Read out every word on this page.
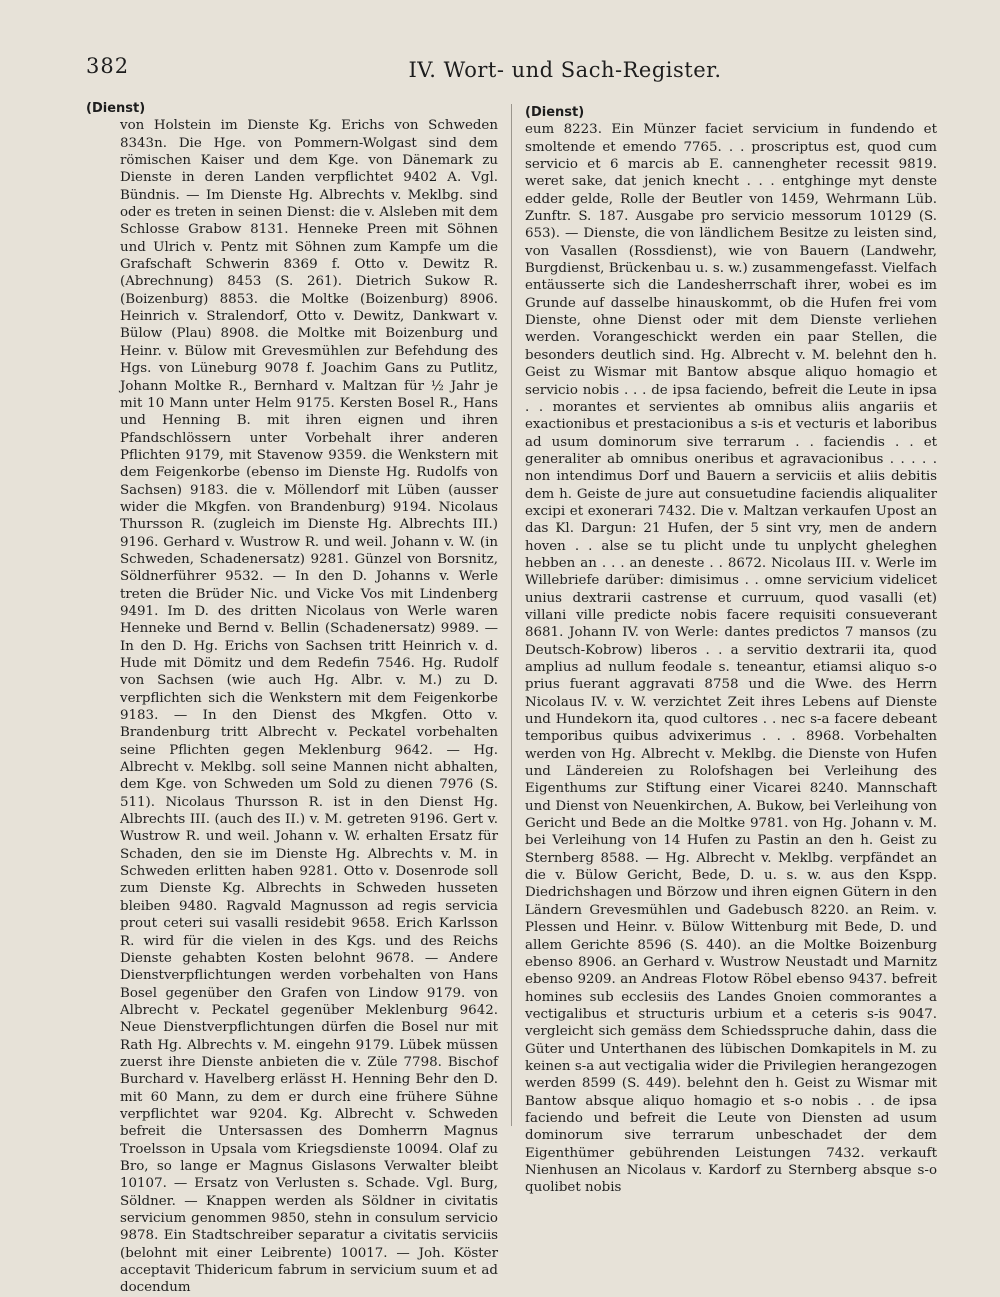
382	IV. Wort- und Sach-Register.
(Dienst)
von Holstein im Dienste Kg. Erichs von Schweden 8343n. Die Hge. von Pommern-Wolgast sind dem römischen Kaiser und dem Kge. von Dänemark zu Dienste in deren Landen verpflichtet 9402 A. Vgl. Bündnis. — Im Dienste Hg. Albrechts v. Meklbg. sind oder es treten in seinen Dienst: die v. Alsleben mit dem Schlosse Grabow 8131. Henneke Preen mit Söhnen und Ulrich v. Pentz mit Söhnen zum Kampfe um die Grafschaft Schwerin 8369 f. Otto v. Dewitz R. (Abrechnung) 8453 (S. 261). Dietrich Sukow R. (Boizenburg) 8853. die Moltke (Boizenburg) 8906. Heinrich v. Stralendorf, Otto v. Dewitz, Dankwart v. Bülow (Plau) 8908. die Moltke mit Boizenburg und Heinr. v. Bülow mit Grevesmühlen zur Befehdung des Hgs. von Lüneburg 9078 f. Joachim Gans zu Putlitz, Johann Moltke R., Bernhard v. Maltzan für ½ Jahr je mit 10 Mann unter Helm 9175. Kersten Bosel R., Hans und Henning B. mit ihren eignen und ihren Pfandschlössern unter Vorbehalt ihrer anderen Pflichten 9179, mit Stavenow 9359. die Wenkstern mit dem Feigenkorbe (ebenso im Dienste Hg. Rudolfs von Sachsen) 9183. die v. Möllendorf mit Lüben (ausser wider die Mkgfen. von Brandenburg) 9194. Nicolaus Thursson R. (zugleich im Dienste Hg. Albrechts III.) 9196. Gerhard v. Wustrow R. und weil. Johann v. W. (in Schweden, Schadenersatz) 9281. Günzel von Borsnitz, Söldnerführer 9532. — In den D. Johanns v. Werle treten die Brüder Nic. und Vicke Vos mit Lindenberg 9491. Im D. des dritten Nicolaus von Werle waren Henneke und Bernd v. Bellin (Schadenersatz) 9989. — In den D. Hg. Erichs von Sachsen tritt Heinrich v. d. Hude mit Dömitz und dem Redefin 7546. Hg. Rudolf von Sachsen (wie auch Hg. Albr. v. M.) zu D. verpflichten sich die Wenkstern mit dem Feigenkorbe 9183. — In den Dienst des Mkgfen. Otto v. Brandenburg tritt Albrecht v. Peckatel vorbehalten seine Pflichten gegen Meklenburg 9642. — Hg. Albrecht v. Meklbg. soll seine Mannen nicht abhalten, dem Kge. von Schweden um Sold zu dienen 7976 (S. 511). Nicolaus Thursson R. ist in den Dienst Hg. Albrechts III. (auch des II.) v. M. getreten 9196. Gert v. Wustrow R. und weil. Johann v. W. erhalten Ersatz für Schaden, den sie im Dienste Hg. Albrechts v. M. in Schweden erlitten haben 9281. Otto v. Dosenrode soll zum Dienste Kg. Albrechts in Schweden husseten bleiben 9480. Ragvald Magnusson ad regis servicia prout ceteri sui vasalli residebit 9658. Erich Karlsson R. wird für die vielen in des Kgs. und des Reichs Dienste gehabten Kosten belohnt 9678. — Andere Dienstverpflichtungen werden vorbehalten von Hans Bosel gegenüber den Grafen von Lindow 9179. von Albrecht v. Peckatel gegenüber Meklenburg 9642. Neue Dienstverpflichtungen dürfen die Bosel nur mit Rath Hg. Albrechts v. M. eingehn 9179. Lübek müssen zuerst ihre Dienste anbieten die v. Züle 7798. Bischof Burchard v. Havelberg erlässt H. Henning Behr den D. mit 60 Mann, zu dem er durch eine frühere Sühne verpflichtet war 9204. Kg. Albrecht v. Schweden befreit die Untersassen des Domherrn Magnus Troelsson in Upsala vom Kriegsdienste 10094. Olaf zu Bro, so lange er Magnus Gislasons Verwalter bleibt 10107. — Ersatz von Verlusten s. Schade. Vgl. Burg, Söldner. — Knappen werden als Söldner in civitatis servicium genommen 9850, stehn in consulum servicio 9878. Ein Stadtschreiber separatur a civitatis serviciis (belohnt mit einer Leibrente) 10017. — Joh. Köster acceptavit Thidericum fabrum in servicium suum et ad docendum
(Dienst)
eum 8223. Ein Münzer faciet servicium in fundendo et smoltende et emendo 7765. . . proscriptus est, quod cum servicio et 6 marcis ab E. cannengheter recessit 9819. weret sake, dat jenich knecht . . . entghinge myt denste edder gelde, Rolle der Beutler von 1459, Wehrmann Lüb. Zunftr. S. 187. Ausgabe pro servicio messorum 10129 (S. 653). — Dienste, die von ländlichem Besitze zu leisten sind, von Vasallen (Rossdienst), wie von Bauern (Landwehr, Burgdienst, Brückenbau u. s. w.) zusammengefasst. Vielfach entäusserte sich die Landesherrschaft ihrer, wobei es im Grunde auf dasselbe hinauskommt, ob die Hufen frei vom Dienste, ohne Dienst oder mit dem Dienste verliehen werden. Vorangeschickt werden ein paar Stellen, die besonders deutlich sind. Hg. Albrecht v. M. belehnt den h. Geist zu Wismar mit Bantow absque aliquo homagio et servicio nobis . . . de ipsa faciendo, befreit die Leute in ipsa . . morantes et servientes ab omnibus aliis angariis et exactionibus et prestacionibus a s-is et vecturis et laboribus ad usum dominorum sive terrarum . . faciendis . . et generaliter ab omnibus oneribus et agravacionibus . . . . . non intendimus Dorf und Bauern a serviciis et aliis debitis dem h. Geiste de jure aut consuetudine faciendis aliqualiter excipi et exonerari 7432. Die v. Maltzan verkaufen Upost an das Kl. Dargun: 21 Hufen, der 5 sint vry, men de andern hoven . . alse se tu plicht unde tu unplycht gheleghen hebben an . . . an deneste . . 8672. Nicolaus III. v. Werle im Willebriefe darüber: dimisimus . . omne servicium videlicet unius dextrarii castrense et curruum, quod vasalli (et) villani ville predicte nobis facere requisiti consueverant 8681. Johann IV. von Werle: dantes predictos 7 mansos (zu Deutsch-Kobrow) liberos . . a servitio dextrarii ita, quod amplius ad nullum feodale s. teneantur, etiamsi aliquo s-o prius fuerant aggravati 8758 und die Wwe. des Herrn Nicolaus IV. v. W. verzichtet Zeit ihres Lebens auf Dienste und Hundekorn ita, quod cultores . . nec s-a facere debeant temporibus quibus advixerimus . . . 8968. Vorbehalten werden von Hg. Albrecht v. Meklbg. die Dienste von Hufen und Ländereien zu Rolofshagen bei Verleihung des Eigenthums zur Stiftung einer Vicarei 8240. Mannschaft und Dienst von Neuenkirchen, A. Bukow, bei Verleihung von Gericht und Bede an die Moltke 9781. von Hg. Johann v. M. bei Verleihung von 14 Hufen zu Pastin an den h. Geist zu Sternberg 8588. — Hg. Albrecht v. Meklbg. verpfändet an die v. Bülow Gericht, Bede, D. u. s. w. aus den Kspp. Diedrichshagen und Börzow und ihren eignen Gütern in den Ländern Grevesmühlen und Gadebusch 8220. an Reim. v. Plessen und Heinr. v. Bülow Wittenburg mit Bede, D. und allem Gerichte 8596 (S. 440). an die Moltke Boizenburg ebenso 8906. an Gerhard v. Wustrow Neustadt und Marnitz ebenso 9209. an Andreas Flotow Röbel ebenso 9437. befreit homines sub ecclesiis des Landes Gnoien commorantes a vectigalibus et structuris urbium et a ceteris s-is 9047. vergleicht sich gemäss dem Schiedsspruche dahin, dass die Güter und Unterthanen des lübischen Domkapitels in M. zu keinen s-a aut vectigalia wider die Privilegien herangezogen werden 8599 (S. 449). belehnt den h. Geist zu Wismar mit Bantow absque aliquo homagio et s-o nobis . . de ipsa faciendo und befreit die Leute von Diensten ad usum dominorum sive terrarum unbeschadet der dem Eigenthümer gebührenden Leistungen 7432. verkauft Nienhusen an Nicolaus v. Kardorf zu Sternberg absque s-o quolibet nobis
